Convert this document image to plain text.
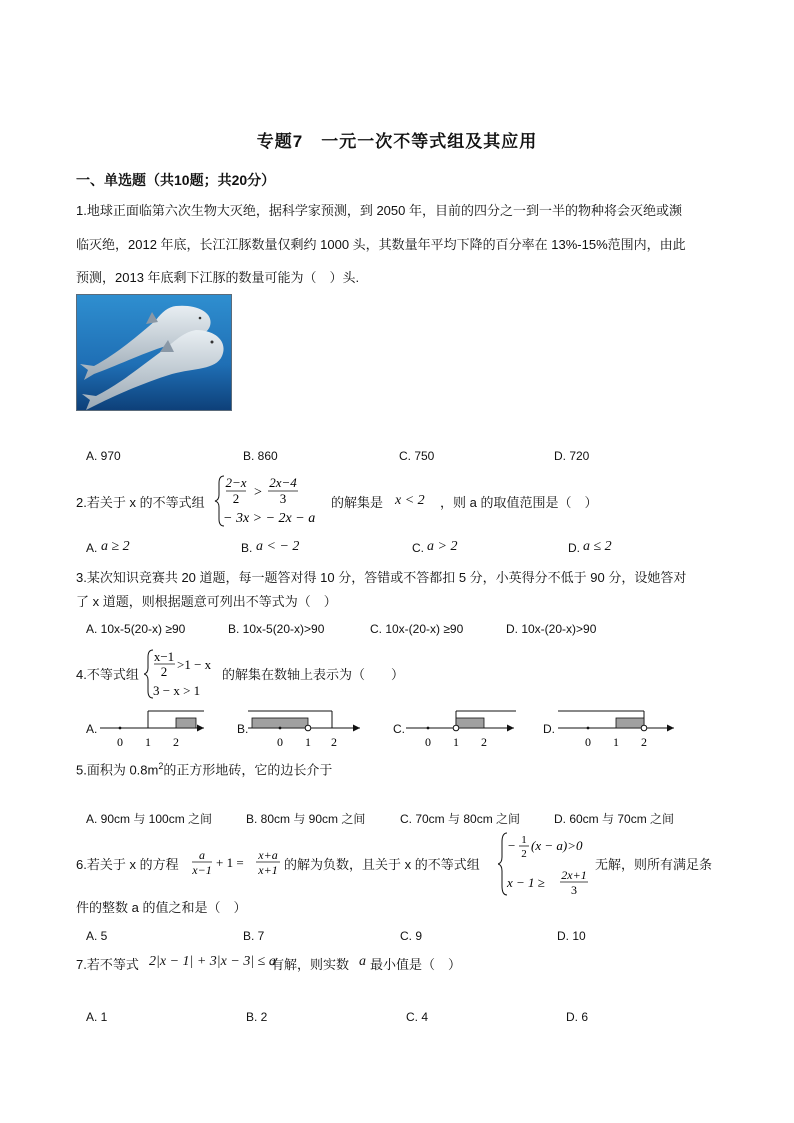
专题7　一元一次不等式组及其应用
一、单选题（共10题；共20分）
1.地球正面临第六次生物大灭绝，据科学家预测，到 2050 年，目前的四分之一到一半的物种将会灭绝或濒
临灭绝，2012 年底，长江江豚数量仅剩约 1000 头，其数量年平均下降的百分率在 13%-15%范围内，由此
预测，2013 年底剩下江豚的数量可能为（　）头.
A. 970	B. 860	C. 750	D. 720
2.若关于 x 的不等式组
2−x
2 >
2x−4
3
− 3x > − 2x − a
的解集是 x < 2 ，则 a 的取值范围是（　）
A. a ≥ 2	B. a < − 2	C. a > 2	D. a ≤ 2
3.某次知识竞赛共 20 道题，每一题答对得 10 分，答错或不答都扣 5 分，小英得分不低于 90 分，设她答对
了 x 道题，则根据题意可列出不等式为（　）
A. 10x-5(20-x) ≥90	B. 10x-5(20-x)>90	C. 10x-(20-x) ≥90	D. 10x-(20-x)>90
4.不等式组
x−1
2 >1 − x
3 − x > 1
的解集在数轴上表示为（　　）
A.
0 1 2
B.
0 1 2
C.
0 1 2
D.
0 1 2
5.面积为 $0.8m^2$的正方形地砖，它的边长介于
A. 90cm 与 100cm 之间	B. 80cm 与 90cm 之间	C. 70cm 与 80cm 之间	D. 60cm 与 70cm 之间
6.若关于 x 的方程
a
x−1 + 1 = x+a
x+1 的解为负数，且关于 x 的不等式组
− 1
2
(x − a)>0
x − 1 ≥ 2x+1
3
无解，则所有满足条
件的整数 a 的值之和是（　）
A. 5	B. 7	C. 9	D. 10
7.若不等式 2|x − 1| + 3|x − 3| ≤ a
有解，则实数 a 最小值是（　）
A. 1	B. 2	C. 4	D. 6
